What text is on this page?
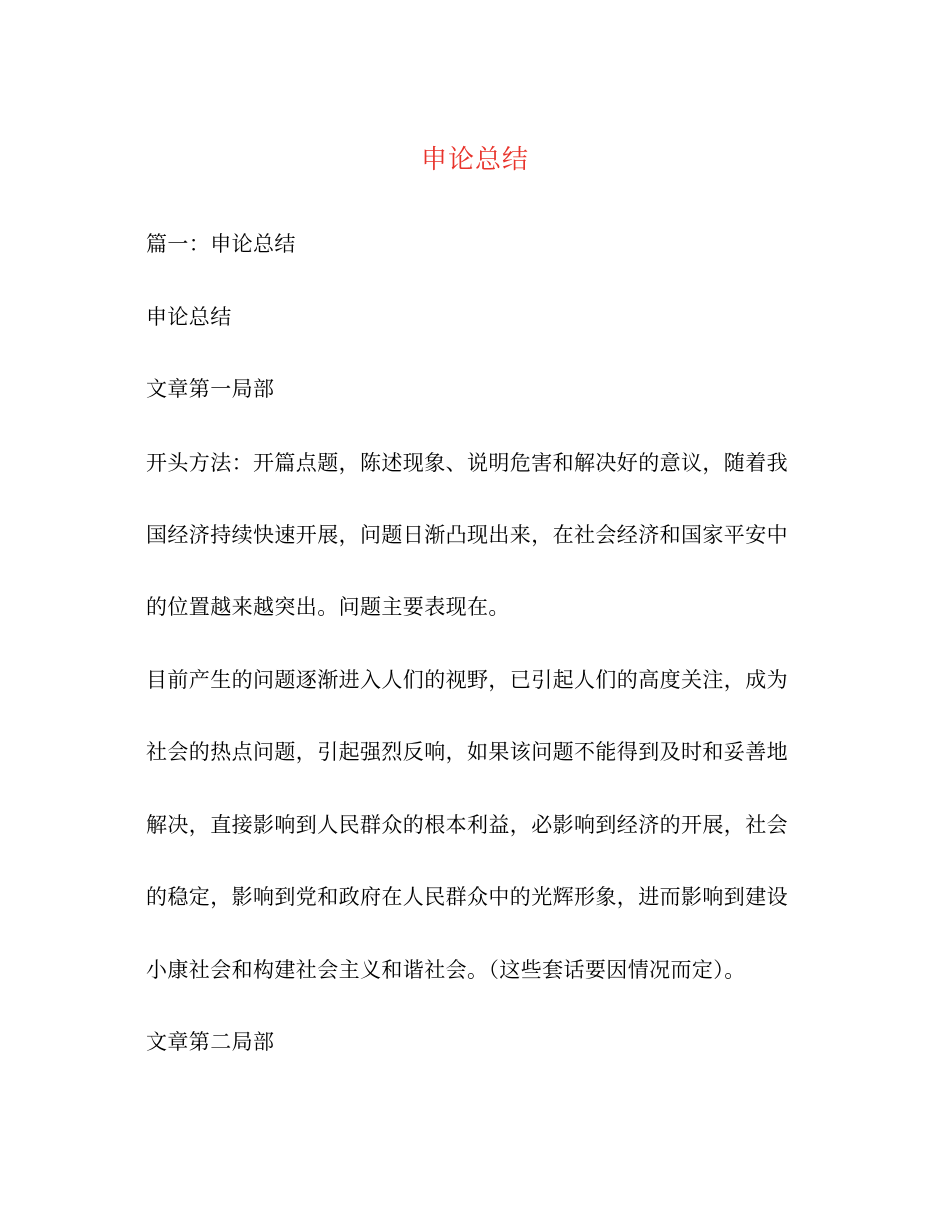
申论总结
篇一：申论总结
申论总结
文章第一局部
开头方法：开篇点题，陈述现象、说明危害和解决好的意议，随着我
国经济持续快速开展，问题日渐凸现出来，在社会经济和国家平安中
的位置越来越突出。问题主要表现在。
目前产生的问题逐渐进入人们的视野，已引起人们的高度关注，成为
社会的热点问题，引起强烈反响，如果该问题不能得到及时和妥善地
解决，直接影响到人民群众的根本利益，必影响到经济的开展，社会
的稳定，影响到党和政府在人民群众中的光辉形象，进而影响到建设
小康社会和构建社会主义和谐社会。（这些套话要因情况而定）。
文章第二局部
